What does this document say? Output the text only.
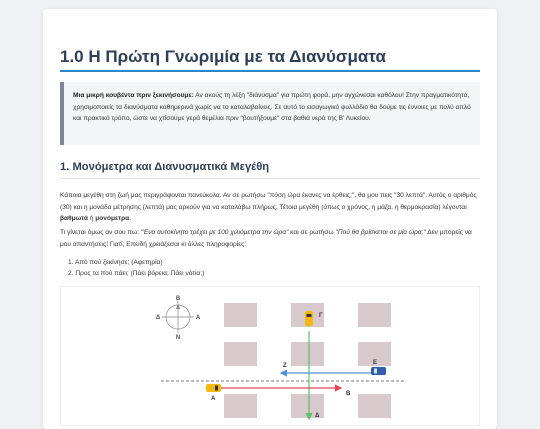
1.0 Η Πρώτη Γνωριμία με τα Διανύσματα

Μια μικρή κουβέντα πριν ξεκινήσουμε: Αν ακούς τη λέξη "διάνυσμα" για πρώτη φορά, μην αγχώνεσαι καθόλου! Στην πραγματικότητα, χρησιμοποιείς τα διανύσματα καθημερινά χωρίς να το καταλαβαίνεις. Σε αυτό το εισαγωγικό φυλλάδιο θα δούμε τις έννοιες με πολύ απλό και πρακτικό τρόπο, ώστε να χτίσουμε γερά θεμέλια πριν "βουτήξουμε" στα βαθιά νερά της Β' Λυκείου.

1. Μονόμετρα και Διανυσματικά Μεγέθη

Κάποια μεγέθη στη ζωή μας περιγράφονται πανεύκολα. Αν σε ρωτήσω "πόση ώρα έκανες να έρθεις;", θα μου πεις "30 λεπτά". Αυτός ο αριθμός (30) και η μονάδα μέτρησης (λεπτά) μας αρκούν για να καταλάβω πλήρως. Τέτοια μεγέθη (όπως ο χρόνος, η μάζα, η θερμοκρασία) λέγονται βαθμωτά ή μονόμετρα.

Τι γίνεται όμως αν σου πω: "Ένα αυτοκίνητο τρέχει με 100 χιλιόμετρα την ώρα" και σε ρωτήσω "Πού θα βρίσκεται σε μία ώρα;" Δεν μπορείς να μου απαντήσεις! Γιατί; Επειδή χρειάζεσαι κι άλλες πληροφορίες:

1. Από πού ξεκίνησε; (Αφετηρία)
2. Προς τα πού πάει; (Πάει βόρεια; Πάει νότια;)
Β
Ν
Α
Δ	Γ
Ζ	Ε
Α
Β
Δ
